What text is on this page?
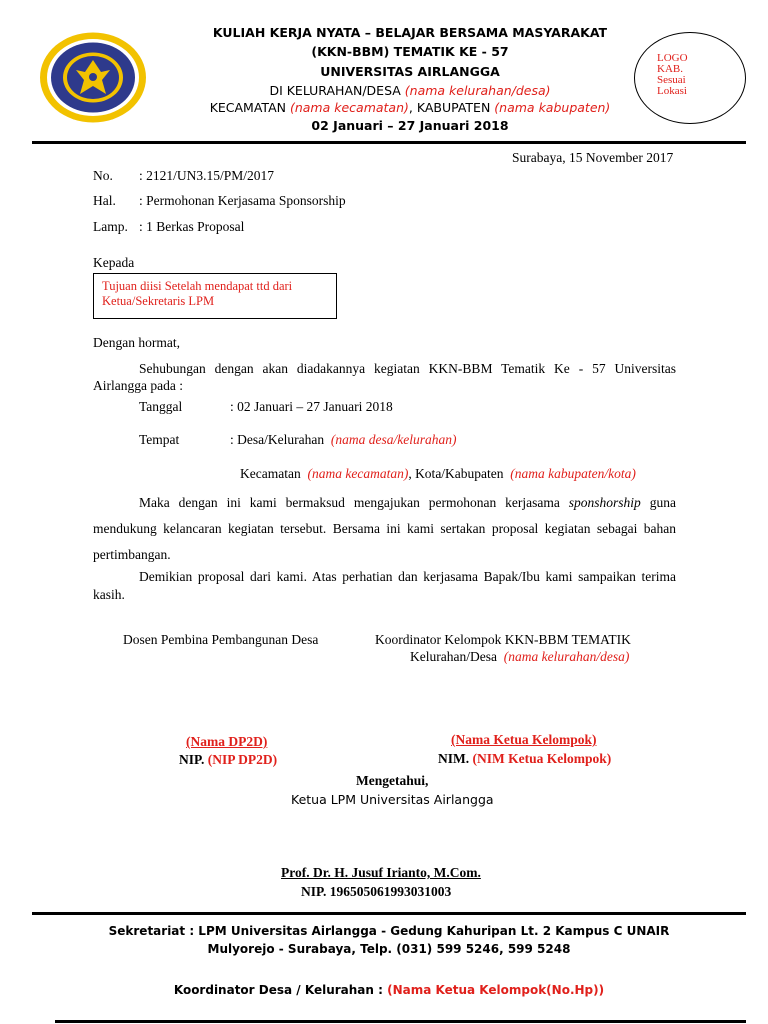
KULIAH KERJA NYATA – BELAJAR BERSAMA MASYARAKAT
(KKN-BBM) TEMATIK KE - 57
UNIVERSITAS AIRLANGGA
DI KELURAHAN/DESA (nama kelurahan/desa)
KECAMATAN (nama kecamatan), KABUPATEN (nama kabupaten)
02 Januari – 27 Januari 2018
LOGO
KAB.
Sesuai
Lokasi
Surabaya, 15 November 2017
No. : 2121/UN3.15/PM/2017
Hal. : Permohonan Kerjasama Sponsorship
Lamp. : 1 Berkas Proposal
Kepada
Tujuan diisi Setelah mendapat ttd dari Ketua/Sekretaris LPM
Dengan hormat,
Sehubungan dengan akan diadakannya kegiatan KKN-BBM Tematik Ke - 57 Universitas Airlangga pada :
Tanggal	: 02 Januari – 27 Januari 2018
Tempat	: Desa/Kelurahan  (nama desa/kelurahan)
Kecamatan  (nama kecamatan), Kota/Kabupaten  (nama kabupaten/kota)
Maka dengan ini kami bermaksud mengajukan permohonan kerjasama sponshorship guna mendukung kelancaran kegiatan tersebut. Bersama ini kami sertakan proposal kegiatan sebagai bahan pertimbangan.
Demikian proposal dari kami. Atas perhatian dan kerjasama Bapak/Ibu kami sampaikan terima kasih.
Dosen Pembina Pembangunan Desa	Koordinator Kelompok KKN-BBM TEMATIK
Kelurahan/Desa  (nama kelurahan/desa)
(Nama DP2D)
NIP. (NIP DP2D)
(Nama Ketua Kelompok)
NIM. (NIM Ketua Kelompok)
Mengetahui,
Ketua LPM Universitas Airlangga
Prof. Dr. H. Jusuf Irianto, M.Com.
NIP. 196505061993031003
Sekretariat : LPM Universitas Airlangga - Gedung Kahuripan Lt. 2 Kampus C UNAIR
Mulyorejo - Surabaya, Telp. (031) 599 5246, 599 5248
Koordinator Desa / Kelurahan : (Nama Ketua Kelompok(No.Hp))
